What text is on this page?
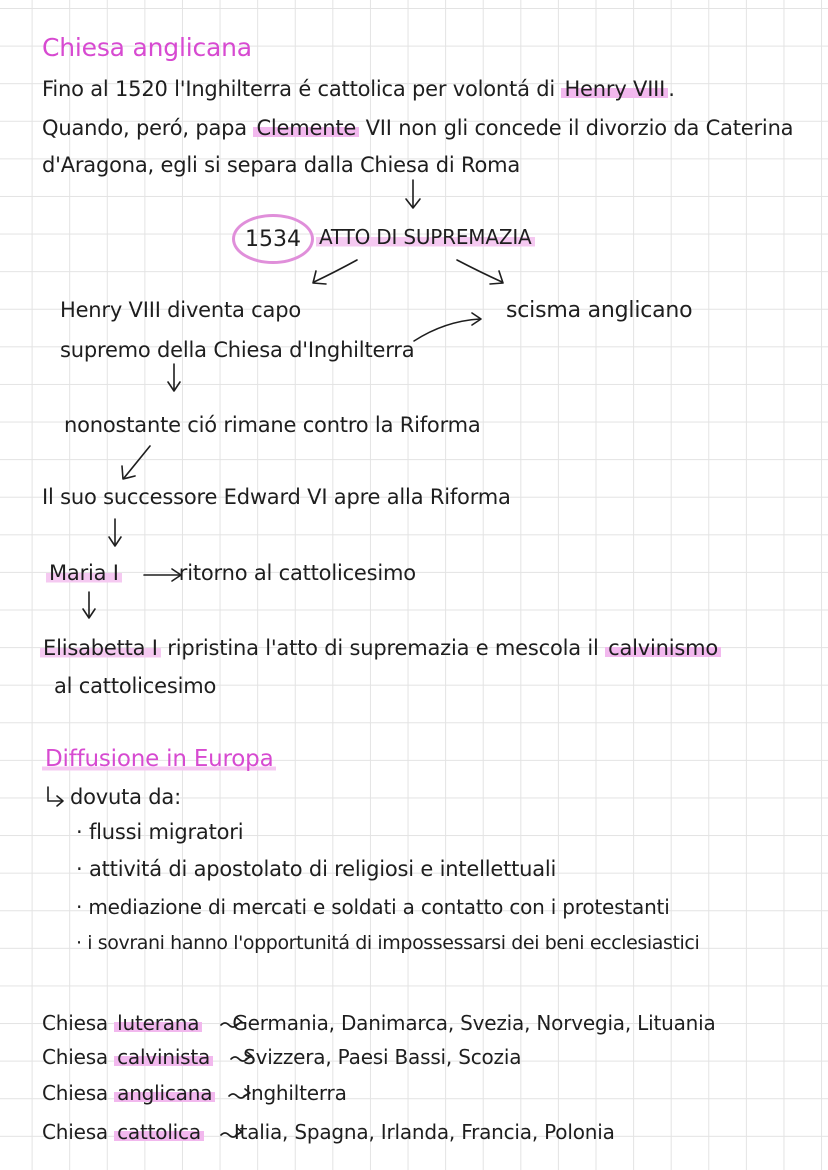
Chiesa anglicana
Fino al 1520 l'Inghilterra é cattolica per volontá di Henry VIII .
Quando, peró, papa Clemente VII non gli concede il divorzio da Caterina
d'Aragona, egli si separa dalla Chiesa di Roma
1534 ATTO DI SUPREMAZIA
Henry VIII diventa capo
supremo della Chiesa d'Inghilterra
scisma anglicano
nonostante ció rimane contro la Riforma
Il suo successore Edward VI apre alla Riforma
Maria I	ritorno al cattolicesimo
Elisabetta I ripristina l'atto di supremazia e mescola il calvinismo
al cattolicesimo
Diffusione in Europa
dovuta da:
· flussi migratori
· attivitá di apostolato di religiosi e intellettuali
· mediazione di mercati e soldati a contatto con i protestanti
· i sovrani hanno l'opportunitá di impossessarsi dei beni ecclesiastici
Chiesa luterana Germania, Danimarca, Svezia, Norvegia, Lituania
Chiesa calvinista Svizzera, Paesi Bassi, Scozia
Chiesa anglicana Inghilterra
Chiesa cattolica Italia, Spagna, Irlanda, Francia, Polonia
